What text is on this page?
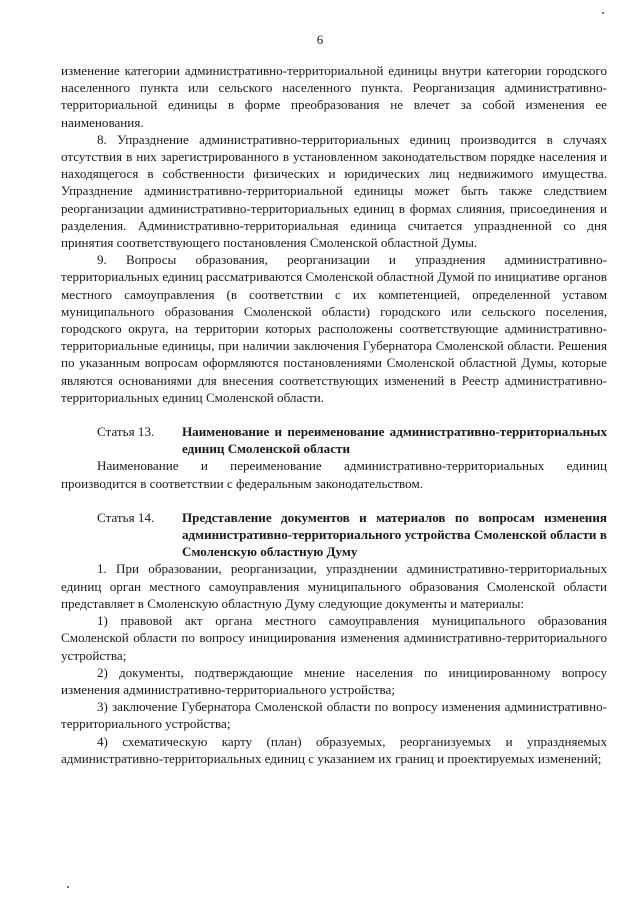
6

изменение категории административно-территориальной единицы внутри категории городского населенного пункта или сельского населенного пункта. Реорганизация административно-территориальной единицы в форме преобразования не влечет за собой изменения ее наименования.

8. Упразднение административно-территориальных единиц производится в случаях отсутствия в них зарегистрированного в установленном законодательством порядке населения и находящегося в собственности физических и юридических лиц недвижимого имущества. Упразднение административно-территориальной единицы может быть также следствием реорганизации административно-территориальных единиц в формах слияния, присоединения и разделения. Административно-территориальная единица считается упраздненной со дня принятия соответствующего постановления Смоленской областной Думы.

9. Вопросы образования, реорганизации и упразднения административно-территориальных единиц рассматриваются Смоленской областной Думой по инициативе органов местного самоуправления (в соответствии с их компетенцией, определенной уставом муниципального образования Смоленской области) городского или сельского поселения, городского округа, на территории которых расположены соответствующие административно-территориальные единицы, при наличии заключения Губернатора Смоленской области. Решения по указанным вопросам оформляются постановлениями Смоленской областной Думы, которые являются основаниями для внесения соответствующих изменений в Реестр административно-территориальных единиц Смоленской области.

Статья 13.	Наименование и переименование административно-территориальных единиц Смоленской области

Наименование и переименование административно-территориальных единиц производится в соответствии с федеральным законодательством.

Статья 14.	Представление документов и материалов по вопросам изменения административно-территориального устройства Смоленской области в Смоленскую областную Думу

1. При образовании, реорганизации, упразднении административно-территориальных единиц орган местного самоуправления муниципального образования Смоленской области представляет в Смоленскую областную Думу следующие документы и материалы:

1) правовой акт органа местного самоуправления муниципального образования Смоленской области по вопросу инициирования изменения административно-территориального устройства;

2) документы, подтверждающие мнение населения по инициированному вопросу изменения административно-территориального устройства;

3) заключение Губернатора Смоленской области по вопросу изменения административно-территориального устройства;

4) схематическую карту (план) образуемых, реорганизуемых и упраздняемых административно-территориальных единиц с указанием их границ и проектируемых изменений;
